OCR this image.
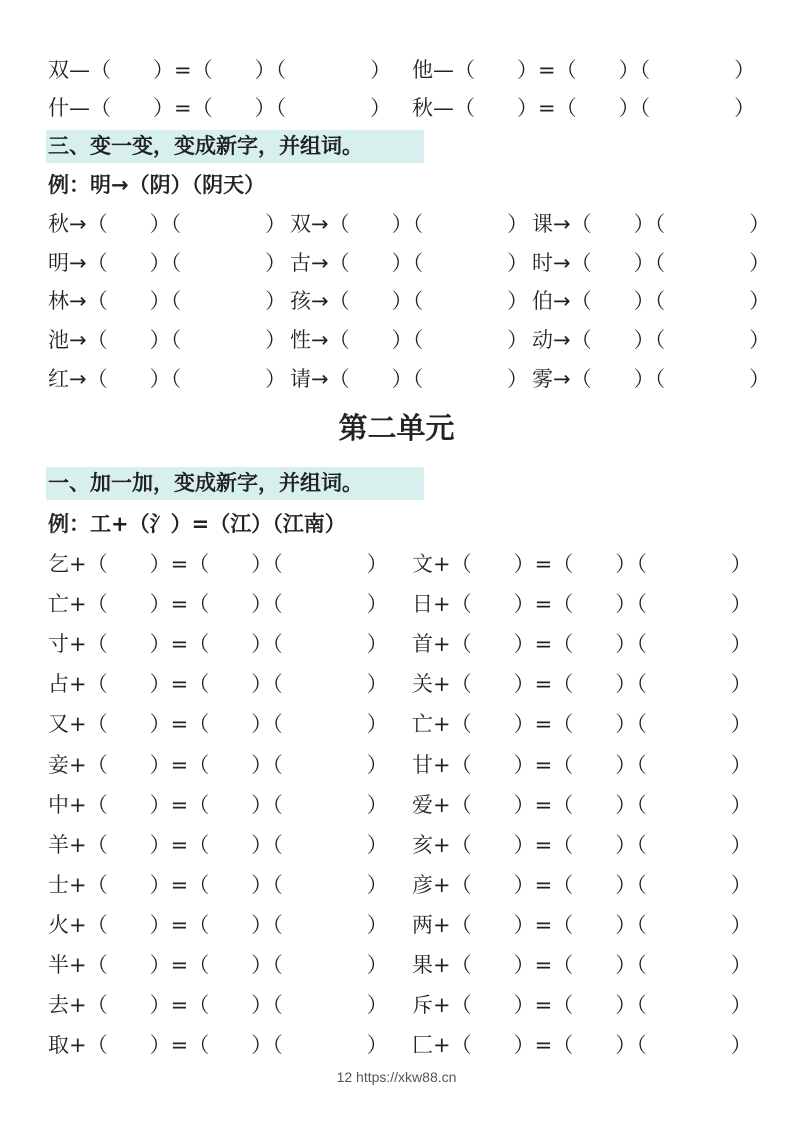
双—（　　）=（　　）（　　　　） 他—（　　）=（　　）（　　　　）
什—（　　）=（　　）（　　　　） 秋—（　　）=（　　）（　　　　）
三、变一变，变成新字，并组词。
例：明→（阴）（阴天）
秋→（　　）（　　　　） 双→（　　）（　　　　） 课→（　　）（　　　　）
明→（　　）（　　　　） 古→（　　）（　　　　） 时→（　　）（　　　　）
林→（　　）（　　　　） 孩→（　　）（　　　　） 伯→（　　）（　　　　）
池→（　　）（　　　　） 性→（　　）（　　　　） 动→（　　）（　　　　）
红→（　　）（　　　　） 请→（　　）（　　　　） 雾→（　　）（　　　　）
第二单元
一、加一加，变成新字，并组词。
例：工+（氵）=（江）（江南）
乞+（　　）=（　　）（　　　　） 文+（　　）=（　　）（　　　　）
亡+（　　）=（　　）（　　　　） 日+（　　）=（　　）（　　　　）
寸+（　　）=（　　）（　　　　） 首+（　　）=（　　）（　　　　）
占+（　　）=（　　）（　　　　） 关+（　　）=（　　）（　　　　）
又+（　　）=（　　）（　　　　） 亡+（　　）=（　　）（　　　　）
妾+（　　）=（　　）（　　　　） 甘+（　　）=（　　）（　　　　）
中+（　　）=（　　）（　　　　） 爱+（　　）=（　　）（　　　　）
羊+（　　）=（　　）（　　　　） 亥+（　　）=（　　）（　　　　）
士+（　　）=（　　）（　　　　） 彦+（　　）=（　　）（　　　　）
火+（　　）=（　　）（　　　　） 两+（　　）=（　　）（　　　　）
半+（　　）=（　　）（　　　　） 果+（　　）=（　　）（　　　　）
去+（　　）=（　　）（　　　　） 斥+（　　）=（　　）（　　　　）
取+（　　）=（　　）（　　　　） 匚+（　　）=（　　）（　　　　）
12 https://xkw88.cn
